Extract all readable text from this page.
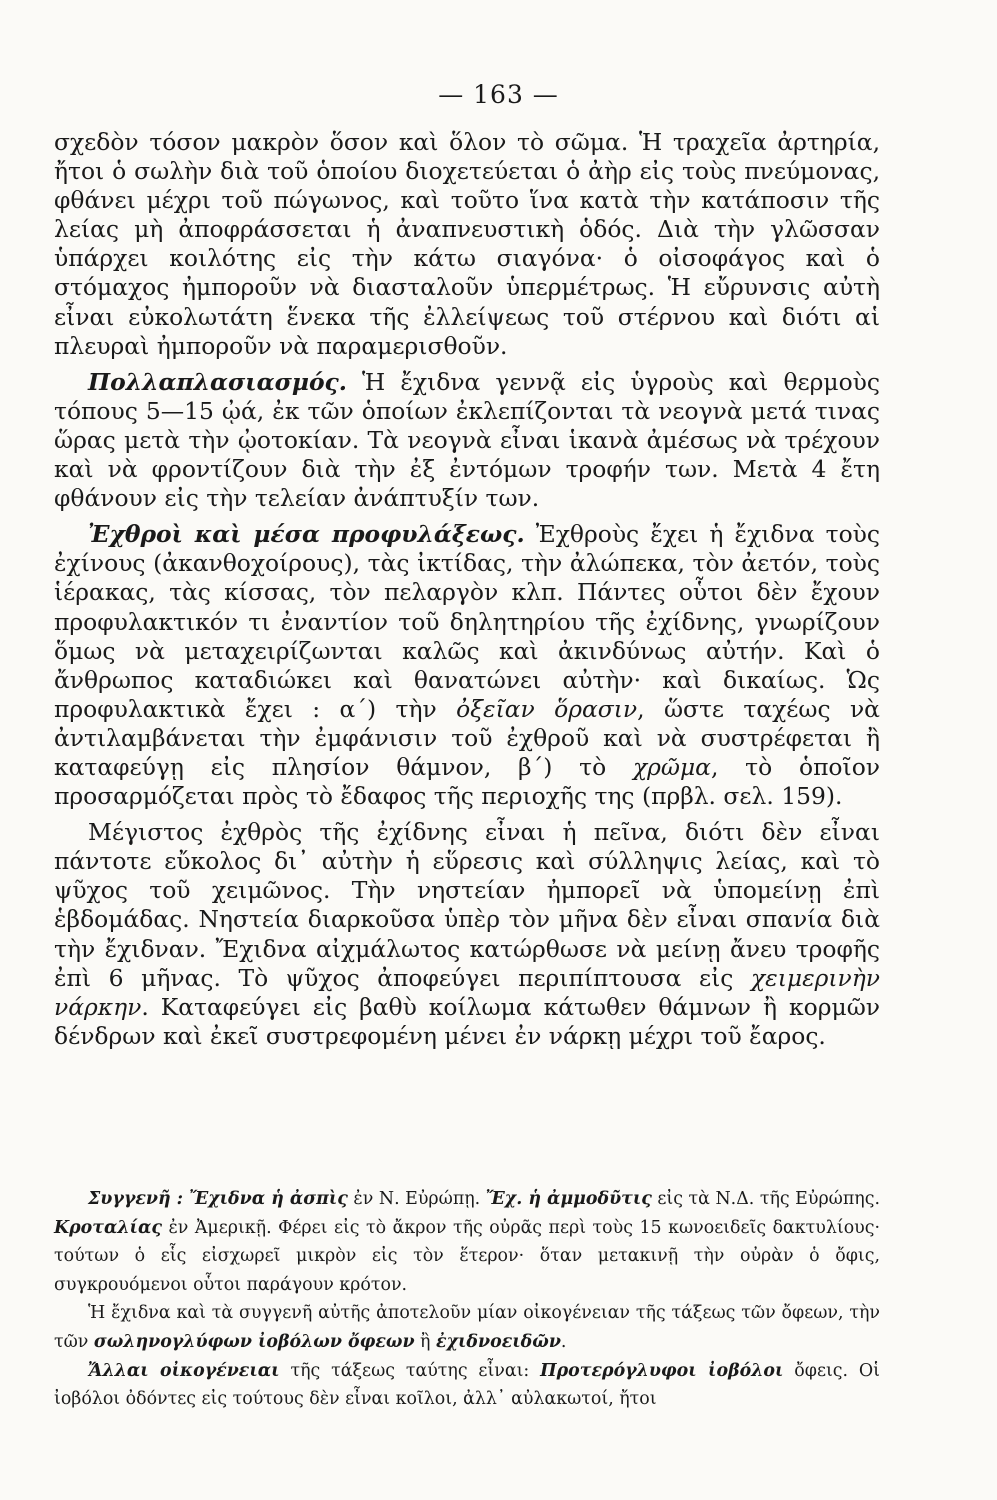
— 163 —

σχεδὸν τόσον μακρὸν ὅσον καὶ ὅλον τὸ σῶμα. Ἡ τραχεῖα ἀρτηρία, ἤτοι ὁ σωλὴν διὰ τοῦ ὁποίου διοχετεύεται ὁ ἀὴρ εἰς τοὺς πνεύμονας, φθάνει μέχρι τοῦ πώγωνος, καὶ τοῦτο ἵνα κατὰ τὴν κατάποσιν τῆς λείας μὴ ἀποφράσσεται ἡ ἀναπνευστικὴ ὁδός. Διὰ τὴν γλῶσσαν ὑπάρχει κοιλότης εἰς τὴν κάτω σιαγόνα· ὁ οἰσοφάγος καὶ ὁ στόμαχος ἠμποροῦν νὰ διασταλοῦν ὑπερμέτρως. Ἡ εὔρυνσις αὐτὴ εἶναι εὐκολωτάτη ἕνεκα τῆς ἐλλείψεως τοῦ στέρνου καὶ διότι αἱ πλευραὶ ἠμποροῦν νὰ παραμερισθοῦν.

Πολλαπλασιασμός. Ἡ ἔχιδνα γεννᾷ εἰς ὑγροὺς καὶ θερμοὺς τόπους 5—15 ᾠά, ἐκ τῶν ὁποίων ἐκλεπίζονται τὰ νεογνὰ μετά τινας ὥρας μετὰ τὴν ᾠοτοκίαν. Τὰ νεογνὰ εἶναι ἱκανὰ ἀμέσως νὰ τρέχουν καὶ νὰ φροντίζουν διὰ τὴν ἐξ ἐντόμων τροφήν των. Μετὰ 4 ἔτη φθάνουν εἰς τὴν τελείαν ἀνάπτυξίν των.

Ἐχθροὶ καὶ μέσα προφυλάξεως. Ἐχθροὺς ἔχει ἡ ἔχιδνα τοὺς ἐχίνους (ἀκανθοχοίρους), τὰς ἰκτίδας, τὴν ἀλώπεκα, τὸν ἀετόν, τοὺς ἱέρακας, τὰς κίσσας, τὸν πελαργὸν κλπ. Πάντες οὗτοι δὲν ἔχουν προφυλακτικόν τι ἐναντίον τοῦ δηλητηρίου τῆς ἐχίδνης, γνωρίζουν ὅμως νὰ μεταχειρίζωνται καλῶς καὶ ἀκινδύνως αὐτήν. Καὶ ὁ ἄνθρωπος καταδιώκει καὶ θανατώνει αὐτὴν· καὶ δικαίως. Ὡς προφυλακτικὰ ἔχει : α΄) τὴν ὀξεῖαν ὅρασιν, ὥστε ταχέως νὰ ἀντιλαμβάνεται τὴν ἐμφάνισιν τοῦ ἐχθροῦ καὶ νὰ συστρέφεται ἢ καταφεύγῃ εἰς πλησίον θάμνον, β΄) τὸ χρῶμα, τὸ ὁποῖον προσαρμόζεται πρὸς τὸ ἔδαφος τῆς περιοχῆς της (πρβλ. σελ. 159).

Μέγιστος ἐχθρὸς τῆς ἐχίδνης εἶναι ἡ πεῖνα, διότι δὲν εἶναι πάντοτε εὔκολος δι᾽ αὐτὴν ἡ εὕρεσις καὶ σύλληψις λείας, καὶ τὸ ψῦχος τοῦ χειμῶνος. Τὴν νηστείαν ἠμπορεῖ νὰ ὑπομείνῃ ἐπὶ ἑβδομάδας. Νηστεία διαρκοῦσα ὑπὲρ τὸν μῆνα δὲν εἶναι σπανία διὰ τὴν ἔχιδναν. Ἔχιδνα αἰχμάλωτος κατώρθωσε νὰ μείνῃ ἄνευ τροφῆς ἐπὶ 6 μῆνας. Τὸ ψῦχος ἀποφεύγει περιπίπτουσα εἰς χειμερινὴν νάρκην. Καταφεύγει εἰς βαθὺ κοίλωμα κάτωθεν θάμνων ἢ κορμῶν δένδρων καὶ ἐκεῖ συστρεφομένη μένει ἐν νάρκῃ μέχρι τοῦ ἔαρος.

Συγγενῆ : Ἔχιδνα ἡ ἀσπὶς ἐν Ν. Εὐρώπῃ. Ἔχ. ἡ ἀμμοδῦτις εἰς τὰ Ν.Δ. τῆς Εὐρώπης. Κροταλίας ἐν Ἀμερικῇ. Φέρει εἰς τὸ ἄκρον τῆς οὐρᾶς περὶ τοὺς 15 κωνοειδεῖς δακτυλίους· τούτων ὁ εἷς εἰσχωρεῖ μικρὸν εἰς τὸν ἕτερον· ὅταν μετακινῇ τὴν οὐρὰν ὁ ὄφις, συγκρουόμενοι οὗτοι παράγουν κρότον.

Ἡ ἔχιδνα καὶ τὰ συγγενῆ αὐτῆς ἀποτελοῦν μίαν οἰκογένειαν τῆς τάξεως τῶν ὄφεων, τὴν τῶν σωληνογλύφων ἰοβόλων ὄφεων ἢ ἐχιδνοειδῶν.

Ἄλλαι οἰκογένειαι τῆς τάξεως ταύτης εἶναι: Προτερόγλυφοι ἰοβόλοι ὄφεις. Οἱ ἰοβόλοι ὀδόντες εἰς τούτους δὲν εἶναι κοῖλοι, ἀλλ᾽ αὐλακωτοί, ἤτοι
